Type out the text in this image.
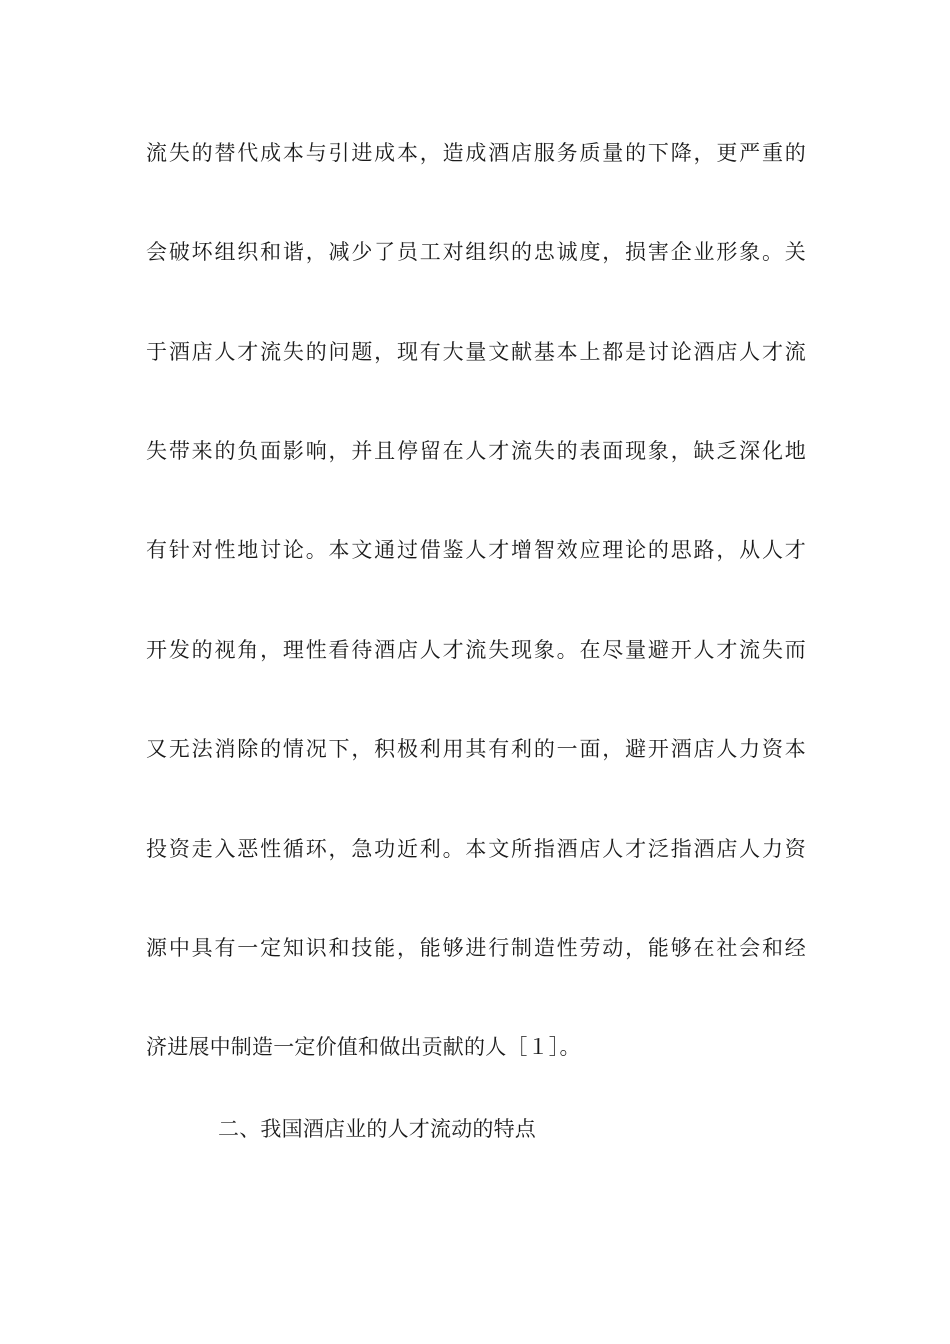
流失的替代成本与引进成本，造成酒店服务质量的下降，更严重的
会破坏组织和谐，减少了员工对组织的忠诚度，损害企业形象。关
于酒店人才流失的问题，现有大量文献基本上都是讨论酒店人才流
失带来的负面影响，并且停留在人才流失的表面现象，缺乏深化地
有针对性地讨论。本文通过借鉴人才增智效应理论的思路，从人才
开发的视角，理性看待酒店人才流失现象。在尽量避开人才流失而
又无法消除的情况下，积极利用其有利的一面，避开酒店人力资本
投资走入恶性循环，急功近利。本文所指酒店人才泛指酒店人力资
源中具有一定知识和技能，能够进行制造性劳动，能够在社会和经
济进展中制造一定价值和做出贡献的人［１］。
二、我国酒店业的人才流动的特点
